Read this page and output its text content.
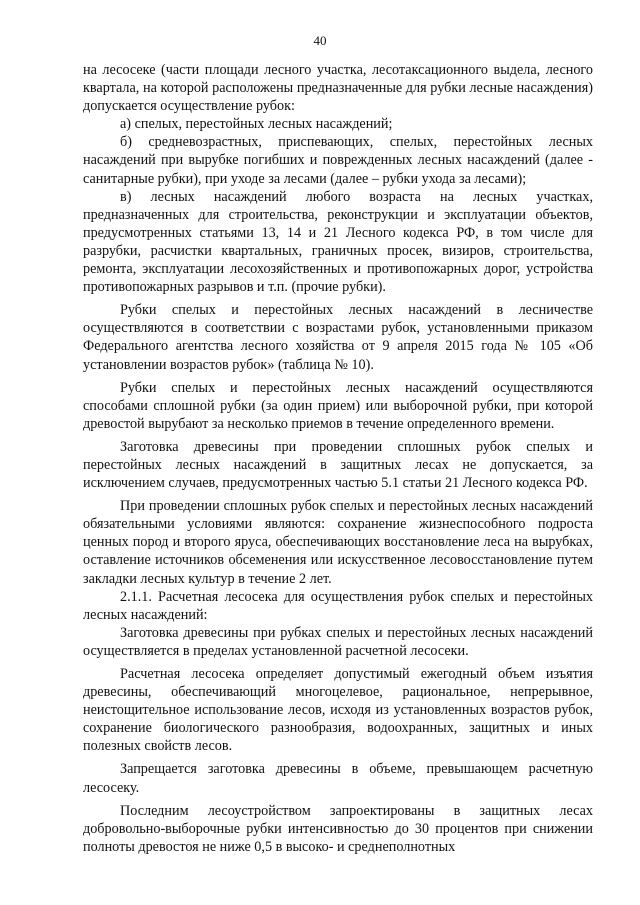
40

на лесосеке (части площади лесного участка, лесотаксационного выдела, лесного квартала, на которой расположены предназначенные для рубки лесные насаждения) допускается осуществление рубок:

а) спелых, перестойных лесных насаждений;

б) средневозрастных, приспевающих, спелых, перестойных лесных насаждений при вырубке погибших и поврежденных лесных насаждений (далее - санитарные рубки), при уходе за лесами (далее – рубки ухода за лесами);

в) лесных насаждений любого возраста на лесных участках, предназначенных для строительства, реконструкции и эксплуатации объектов, предусмотренных статьями 13, 14 и 21 Лесного кодекса РФ, в том числе для разрубки, расчистки квартальных, граничных просек, визиров, строительства, ремонта, эксплуатации лесохозяйственных и противопожарных дорог, устройства противопожарных разрывов и т.п. (прочие рубки).

Рубки спелых и перестойных лесных насаждений в лесничестве осуществляются в соответствии с возрастами рубок, установленными приказом Федерального агентства лесного хозяйства от 9 апреля 2015 года № 105 «Об установлении возрастов рубок» (таблица № 10).

Рубки спелых и перестойных лесных насаждений осуществляются способами сплошной рубки (за один прием) или выборочной рубки, при которой древостой вырубают за несколько приемов в течение определенного времени.

Заготовка древесины при проведении сплошных рубок спелых и перестойных лесных насаждений в защитных лесах не допускается, за исключением случаев, предусмотренных частью 5.1 статьи 21 Лесного кодекса РФ.

При проведении сплошных рубок спелых и перестойных лесных насаждений обязательными условиями являются: сохранение жизнеспособного подроста ценных пород и второго яруса, обеспечивающих восстановление леса на вырубках, оставление источников обсеменения или искусственное лесовосстановление путем закладки лесных культур в течение 2 лет.

2.1.1. Расчетная лесосека для осуществления рубок спелых и перестойных лесных насаждений:

Заготовка древесины при рубках спелых и перестойных лесных насаждений осуществляется в пределах установленной расчетной лесосеки.

Расчетная лесосека определяет допустимый ежегодный объем изъятия древесины, обеспечивающий многоцелевое, рациональное, непрерывное, неистощительное использование лесов, исходя из установленных возрастов рубок, сохранение биологического разнообразия, водоохранных, защитных и иных полезных свойств лесов.

Запрещается заготовка древесины в объеме, превышающем расчетную лесосеку.

Последним лесоустройством запроектированы в защитных лесах добровольно-выборочные рубки интенсивностью до 30 процентов при снижении полноты древостоя не ниже 0,5 в высоко- и среднеполнотных
